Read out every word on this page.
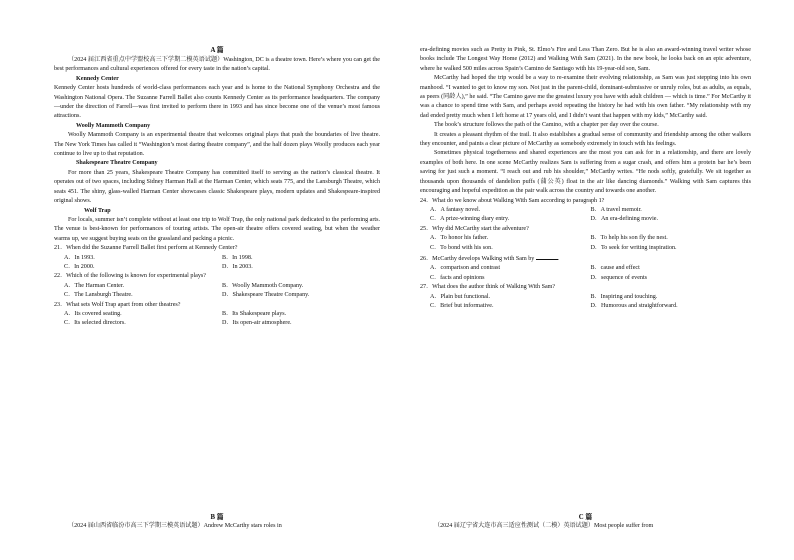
A 篇

（2024 届江西省重点中学盟校高三下学期二模英语试题）Washington, DC is a theatre town. Here’s where you can get the best performances and cultural experiences offered for every taste in the nation’s capital.

Kennedy Center

Kennedy Center hosts hundreds of world-class performances each year and is home to the National Symphony Orchestra and the Washington National Opera. The Suzanne Farrell Ballet also counts Kennedy Center as its performance headquarters. The company—under the direction of Farrell—was first invited to perform there in 1993 and has since become one of the venue’s most famous attractions.

Woolly Mammoth Company

Woolly Mammoth Company is an experimental theatre that welcomes original plays that push the boundaries of live theatre. The New York Times has called it “Washington’s most daring theatre company”, and the half dozen plays Woolly produces each year continue to live up to that reputation.

Shakespeare Theatre Company

For more than 25 years, Shakespeare Theatre Company has committed itself to serving as the nation’s classical theatre. It operates out of two spaces, including Sidney Harman Hall at the Harman Center, which seats 775, and the Lansburgh Theatre, which seats 451. The shiny, glass-walled Harman Center showcases classic Shakespeare plays, modern updates and Shakespeare-inspired original shows.

Wolf Trap

For locals, summer isn’t complete without at least one trip to Wolf Trap, the only national park dedicated to the performing arts. The venue is best-known for performances of touring artists. The open-air theatre offers covered seating, but when the weather warms up, we suggest buying seats on the grassland and packing a picnic.

21．When did the Suzanne Farrell Ballet first perform at Kennedy Center?
A．In 1993.	B．In 1998.
C．In 2000.	D．In 2003.
22．Which of the following is known for experimental plays?
A．The Harman Center.	B．Woolly Mammoth Company.
C．The Lansburgh Theatre.	D．Shakespeare Theatre Company.
23．What sets Wolf Trap apart from other theatres?
A．Its covered seating.	B．Its Shakespeare plays.
C．Its selected directors.	D．Its open-air atmosphere.

era-defining movies such as Pretty in Pink, St. Elmo’s Fire and Less Than Zero. But he is also an award-winning travel writer whose books include The Longest Way Home (2012) and Walking With Sam (2021). In the new book, he looks back on an epic adventure, where he walked 500 miles across Spain’s Camino de Santiago with his 19-year-old son, Sam.

McCarthy had hoped the trip would be a way to re-examine their evolving relationship, as Sam was just stepping into his own manhood. “I wanted to get to know my son. Not just in the parent-child, dominant-submissive or unruly roles, but as adults, as equals, as peers (同龄人),” he said. “The Camino gave me the greatest luxury you have with adult children — which is time.” For McCarthy it was a chance to spend time with Sam, and perhaps avoid repeating the history he had with his own father. “My relationship with my dad ended pretty much when I left home at 17 years old, and I didn’t want that happen with my kids,” McCarthy said.

The book’s structure follows the path of the Camino, with a chapter per day over the course.

It creates a pleasant rhythm of the trail. It also establishes a gradual sense of community and friendship among the other walkers they encounter, and paints a clear picture of McCarthy as somebody extremely in touch with his feelings.

Sometimes physical togetherness and shared experiences are the most you can ask for in a relationship, and there are lovely examples of both here. In one scene McCarthy realizes Sam is suffering from a sugar crash, and offers him a protein bar he’s been saving for just such a moment. “I reach out and rub his shoulder,” McCarthy writes. “He nods softly, gratefully. We sit together as thousands upon thousands of dandelion puffs (蒲公英) float in the air like dancing diamonds.” Walking with Sam captures this encouraging and hopeful expedition as the pair walk across the country and towards one another.

24．What do we know about Walking With Sam according to paragraph 1?
A．A fantasy novel.	B．A travel memoir.
C．A prize-winning diary entry.	D．An era-defining movie.
25．Why did McCarthy start the adventure?
A．To honor his father.	B．To help his son fly the nest.
C．To bond with his son.	D．To seek for writing inspiration.
26．McCarthy develops Walking with Sam by	.
A．comparison and contrast	B．cause and effect
C．facts and opinions	D．sequence of events
27．What does the author think of Walking With Sam?
A．Plain but functional.	B．Inspiring and touching.
C．Brief but informative.	D．Humorous and straightforward.
B 篇
（2024 届山西省临汾市高三下学期三模英语试题）Andrew McCarthy stars roles in
C 篇
（2024 届辽宁省大连市高三适应性测试（二模）英语试题）Most people suffer from
